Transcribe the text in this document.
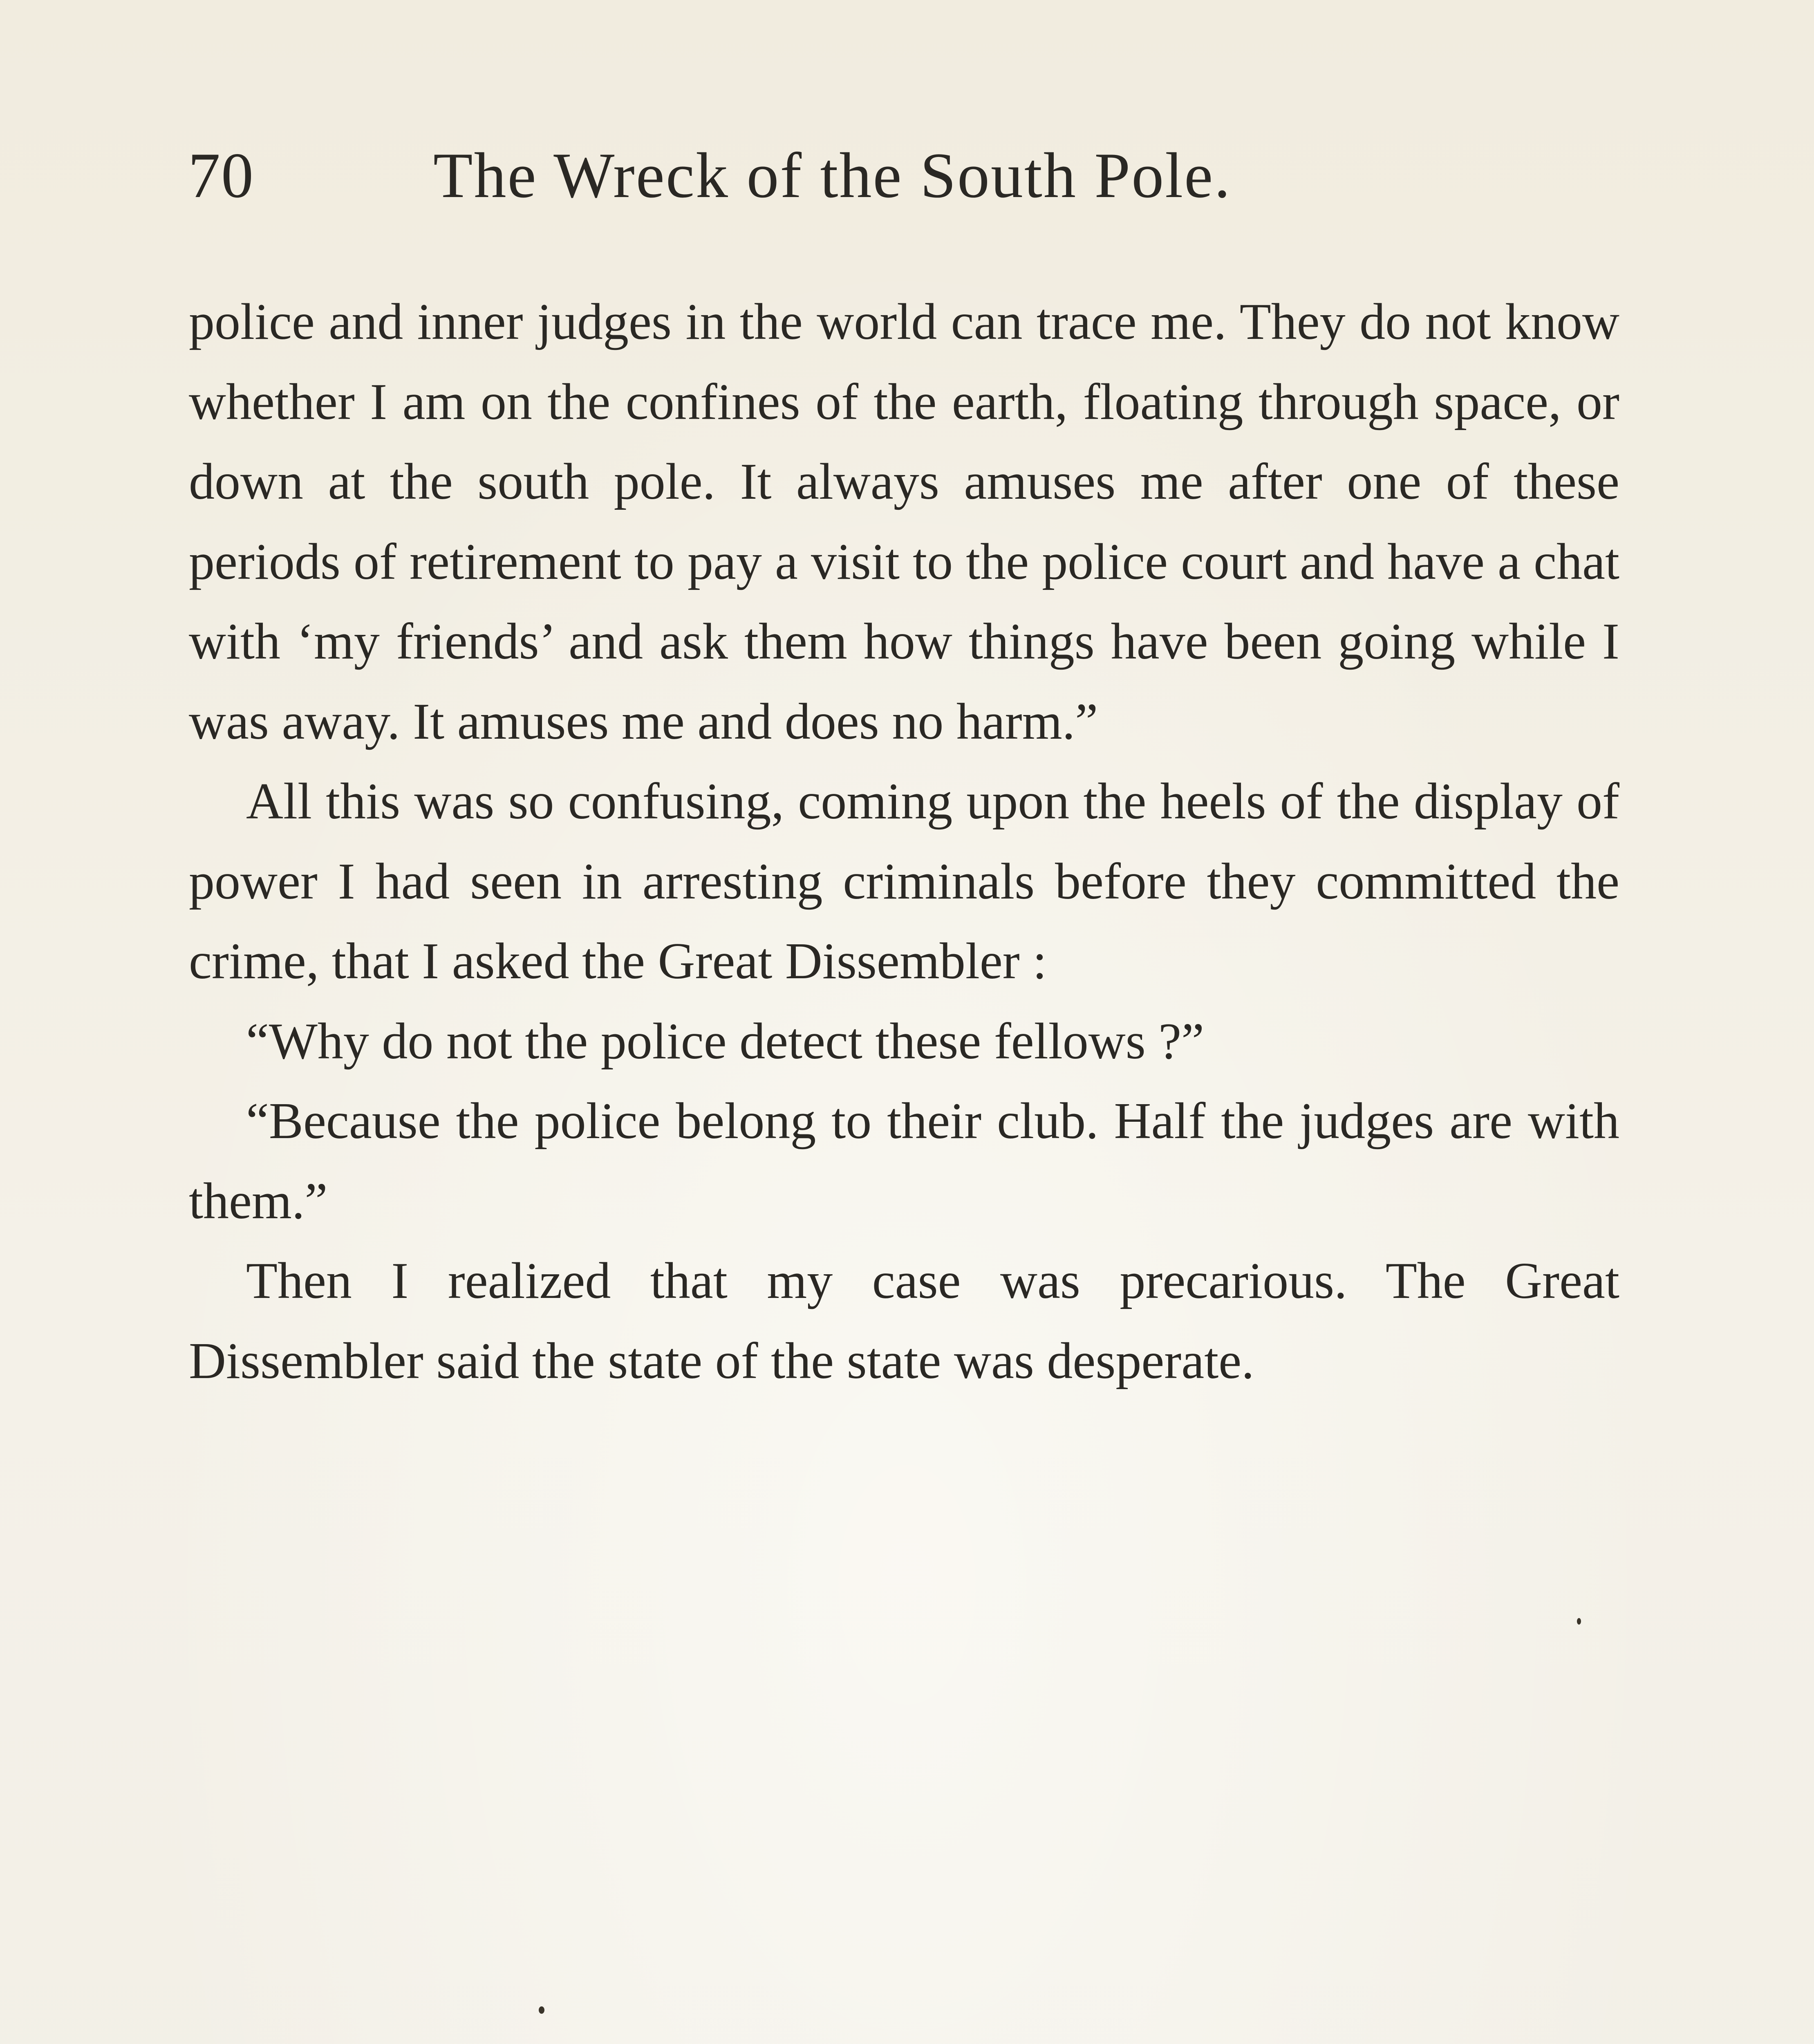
70	The Wreck of the South Pole.

police and inner judges in the world can trace me. They do not know whether I am on the confines of the earth, floating through space, or down at the south pole. It always amuses me after one of these periods of retirement to pay a visit to the police court and have a chat with ‘my friends’ and ask them how things have been going while I was away. It amuses me and does no harm.”

All this was so confusing, coming upon the heels of the display of power I had seen in arresting criminals before they committed the crime, that I asked the Great Dissembler :

“Why do not the police detect these fellows ?”

“Because the police belong to their club. Half the judges are with them.”

Then I realized that my case was precarious. The Great Dissembler said the state of the state was desperate.
